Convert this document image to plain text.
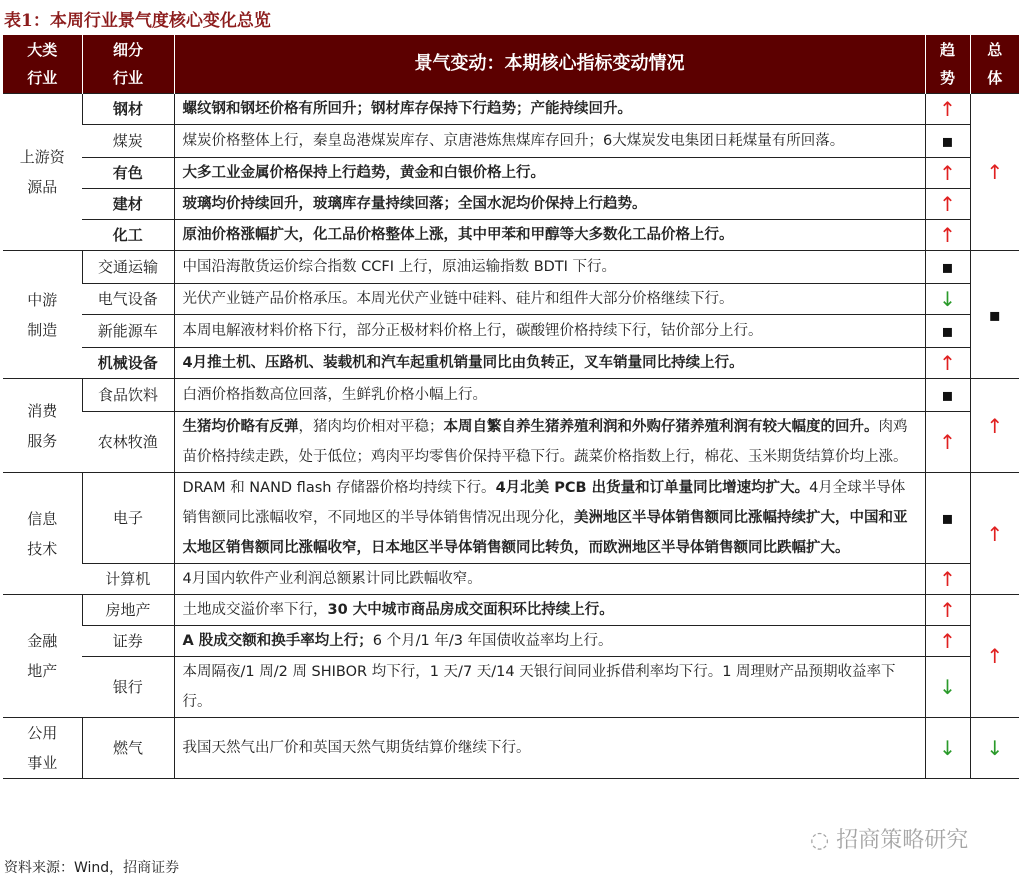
表1：本周行业景气度核心变化总览
大类行业	细分行业	景气变动：本期核心指标变动情况	趋势	总体
上游资源品	钢材	螺纹钢和钢坯价格有所回升；钢材库存保持下行趋势；产能持续回升。	↑	↑
	煤炭	煤炭价格整体上行，秦皇岛港煤炭库存、京唐港炼焦煤库存回升；6大煤炭发电集团日耗煤量有所回落。	▪	
	有色	大多工业金属价格保持上行趋势，黄金和白银价格上行。	↑	
	建材	玻璃均价持续回升，玻璃库存量持续回落；全国水泥均价保持上行趋势。	↑	
	化工	原油价格涨幅扩大，化工品价格整体上涨，其中甲苯和甲醇等大多数化工品价格上行。	↑	
中游制造	交通运输	中国沿海散货运价综合指数 CCFI 上行，原油运输指数 BDTI 下行。	▪	▪
	电气设备	光伏产业链产品价格承压。本周光伏产业链中硅料、硅片和组件大部分价格继续下行。	↓	
	新能源车	本周电解液材料价格下行，部分正极材料价格上行，碳酸锂价格持续下行，钴价部分上行。	▪	
	机械设备	4月推土机、压路机、装载机和汽车起重机销量同比由负转正，叉车销量同比持续上行。	↑	
消费服务	食品饮料	白酒价格指数高位回落，生鲜乳价格小幅上行。	▪	↑
	农林牧渔	生猪均价略有反弹，猪肉均价相对平稳；本周自繁自养生猪养殖利润和外购仔猪养殖利润有较大幅度的回升。肉鸡苗价格持续走跌，处于低位；鸡肉平均零售价保持平稳下行。蔬菜价格指数上行，棉花、玉米期货结算价均上涨。	↑	
信息技术	电子	DRAM 和 NAND flash 存储器价格均持续下行。4月北美 PCB 出货量和订单量同比增速均扩大。4月全球半导体销售额同比涨幅收窄，不同地区的半导体销售情况出现分化，美洲地区半导体销售额同比涨幅持续扩大，中国和亚太地区销售额同比涨幅收窄，日本地区半导体销售额同比转负，而欧洲地区半导体销售额同比跌幅扩大。	▪	↑
	计算机	4月国内软件产业利润总额累计同比跌幅收窄。	↑	
金融地产	房地产	土地成交溢价率下行，30 大中城市商品房成交面积环比持续上行。	↑	↑
	证券	A 股成交额和换手率均上行；6 个月/1 年/3 年国债收益率均上行。	↑	
	银行	本周隔夜/1 周/2 周 SHIBOR 均下行，1 天/7 天/14 天银行间同业拆借利率均下行。1 周理财产品预期收益率下行。	↓	
公用事业	燃气	我国天然气出厂价和英国天然气期货结算价继续下行。	↓	↓
◌ 招商策略研究
资料来源：Wind，招商证券
